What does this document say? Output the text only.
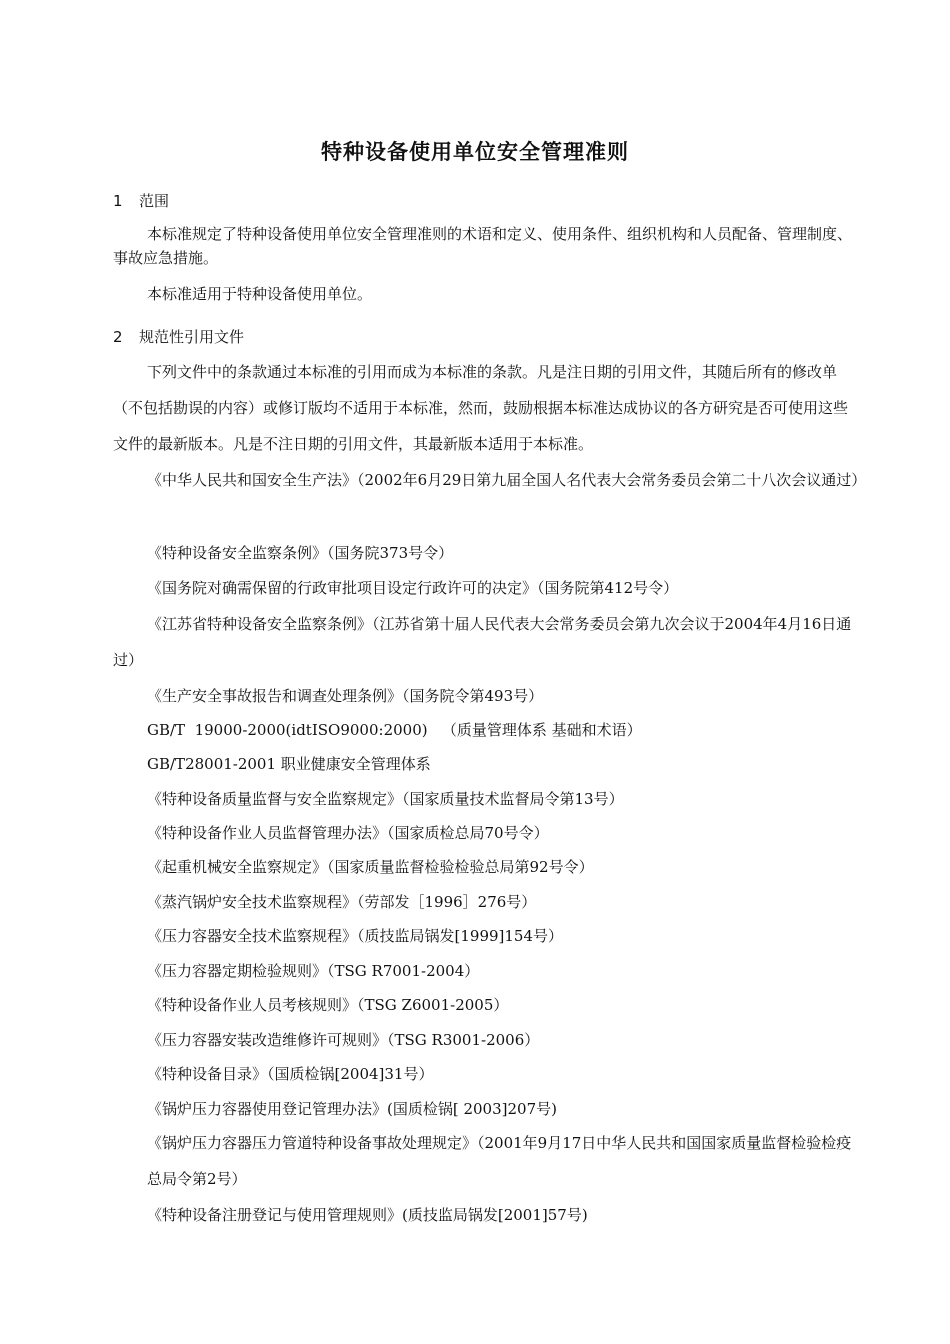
特种设备使用单位安全管理准则
1 范围
本标准规定了特种设备使用单位安全管理准则的术语和定义、使用条件、组织机构和人员配备、管理制度、事故应急措施。
本标准适用于特种设备使用单位。
2 规范性引用文件
下列文件中的条款通过本标准的引用而成为本标准的条款。凡是注日期的引用文件，其随后所有的修改单（不包括勘误的内容）或修订版均不适用于本标准，然而，鼓励根据本标准达成协议的各方研究是否可使用这些文件的最新版本。凡是不注日期的引用文件，其最新版本适用于本标准。
《中华人民共和国安全生产法》（2002年6月29日第九届全国人名代表大会常务委员会第二十八次会议通过）
《特种设备安全监察条例》（国务院373号令）
《国务院对确需保留的行政审批项目设定行政许可的决定》（国务院第412号令）
《江苏省特种设备安全监察条例》（江苏省第十届人民代表大会常务委员会第九次会议于2004年4月16日通过）
《生产安全事故报告和调查处理条例》（国务院令第493号）
GB/T  19000-2000(idtISO9000:2000)   （质量管理体系 基础和术语）
GB/T28001-2001 职业健康安全管理体系
《特种设备质量监督与安全监察规定》（国家质量技术监督局令第13号）
《特种设备作业人员监督管理办法》（国家质检总局70号令）
《起重机械安全监察规定》（国家质量监督检验检验总局第92号令）
《蒸汽锅炉安全技术监察规程》（劳部发［1996］276号）
《压力容器安全技术监察规程》（质技监局锅发[1999]154号）
《压力容器定期检验规则》（TSG R7001-2004）
《特种设备作业人员考核规则》（TSG Z6001-2005）
《压力容器安装改造维修许可规则》（TSG R3001-2006）
《特种设备目录》（国质检锅[2004]31号）
《锅炉压力容器使用登记管理办法》(国质检锅[ 2003]207号)
《锅炉压力容器压力管道特种设备事故处理规定》（2001年9月17日中华人民共和国国家质量监督检验检疫总局令第2号）
《特种设备注册登记与使用管理规则》(质技监局锅发[2001]57号)
